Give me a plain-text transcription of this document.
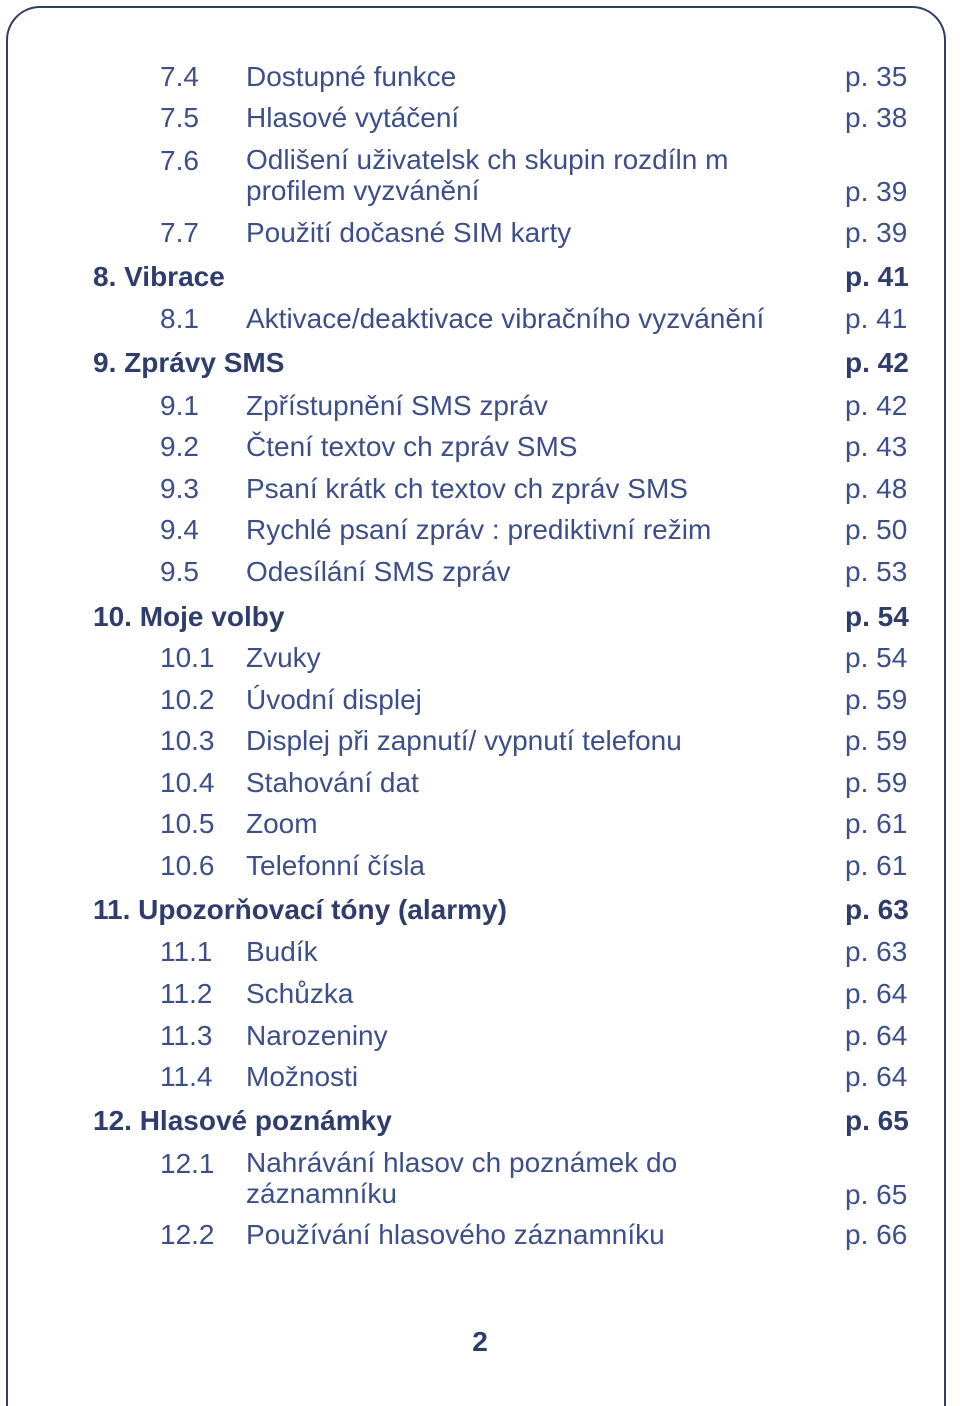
7.4 Dostupné funkce	p. 35
7.5 Hlasové vytáčení	p. 38
7.6 Odlišení uživatelsk ch skupin rozdíln m profilem vyzvánění	p. 39
7.7 Použití dočasné SIM karty	p. 39
8. Vibrace	p. 41
8.1 Aktivace/deaktivace vibračního vyzvánění	p. 41
9. Zprávy SMS	p. 42
9.1 Zpřístupnění SMS zpráv	p. 42
9.2 Čtení textov ch zpráv SMS	p. 43
9.3 Psaní krátk ch textov ch zpráv SMS	p. 48
9.4 Rychlé psaní zpráv : prediktivní režim	p. 50
9.5 Odesílání SMS zpráv	p. 53
10. Moje volby	p. 54
10.1 Zvuky	p. 54
10.2 Úvodní displej	p. 59
10.3 Displej při zapnutí/ vypnutí telefonu	p. 59
10.4 Stahování dat	p. 59
10.5 Zoom	p. 61
10.6 Telefonní čísla	p. 61
11. Upozorňovací tóny (alarmy)	p. 63
11.1 Budík	p. 63
11.2 Schůzka	p. 64
11.3 Narozeniny	p. 64
11.4 Možnosti	p. 64
12. Hlasové poznámky	p. 65
12.1 Nahrávání hlasov ch poznámek do záznamníku	p. 65
12.2 Používání hlasového záznamníku	p. 66
2
